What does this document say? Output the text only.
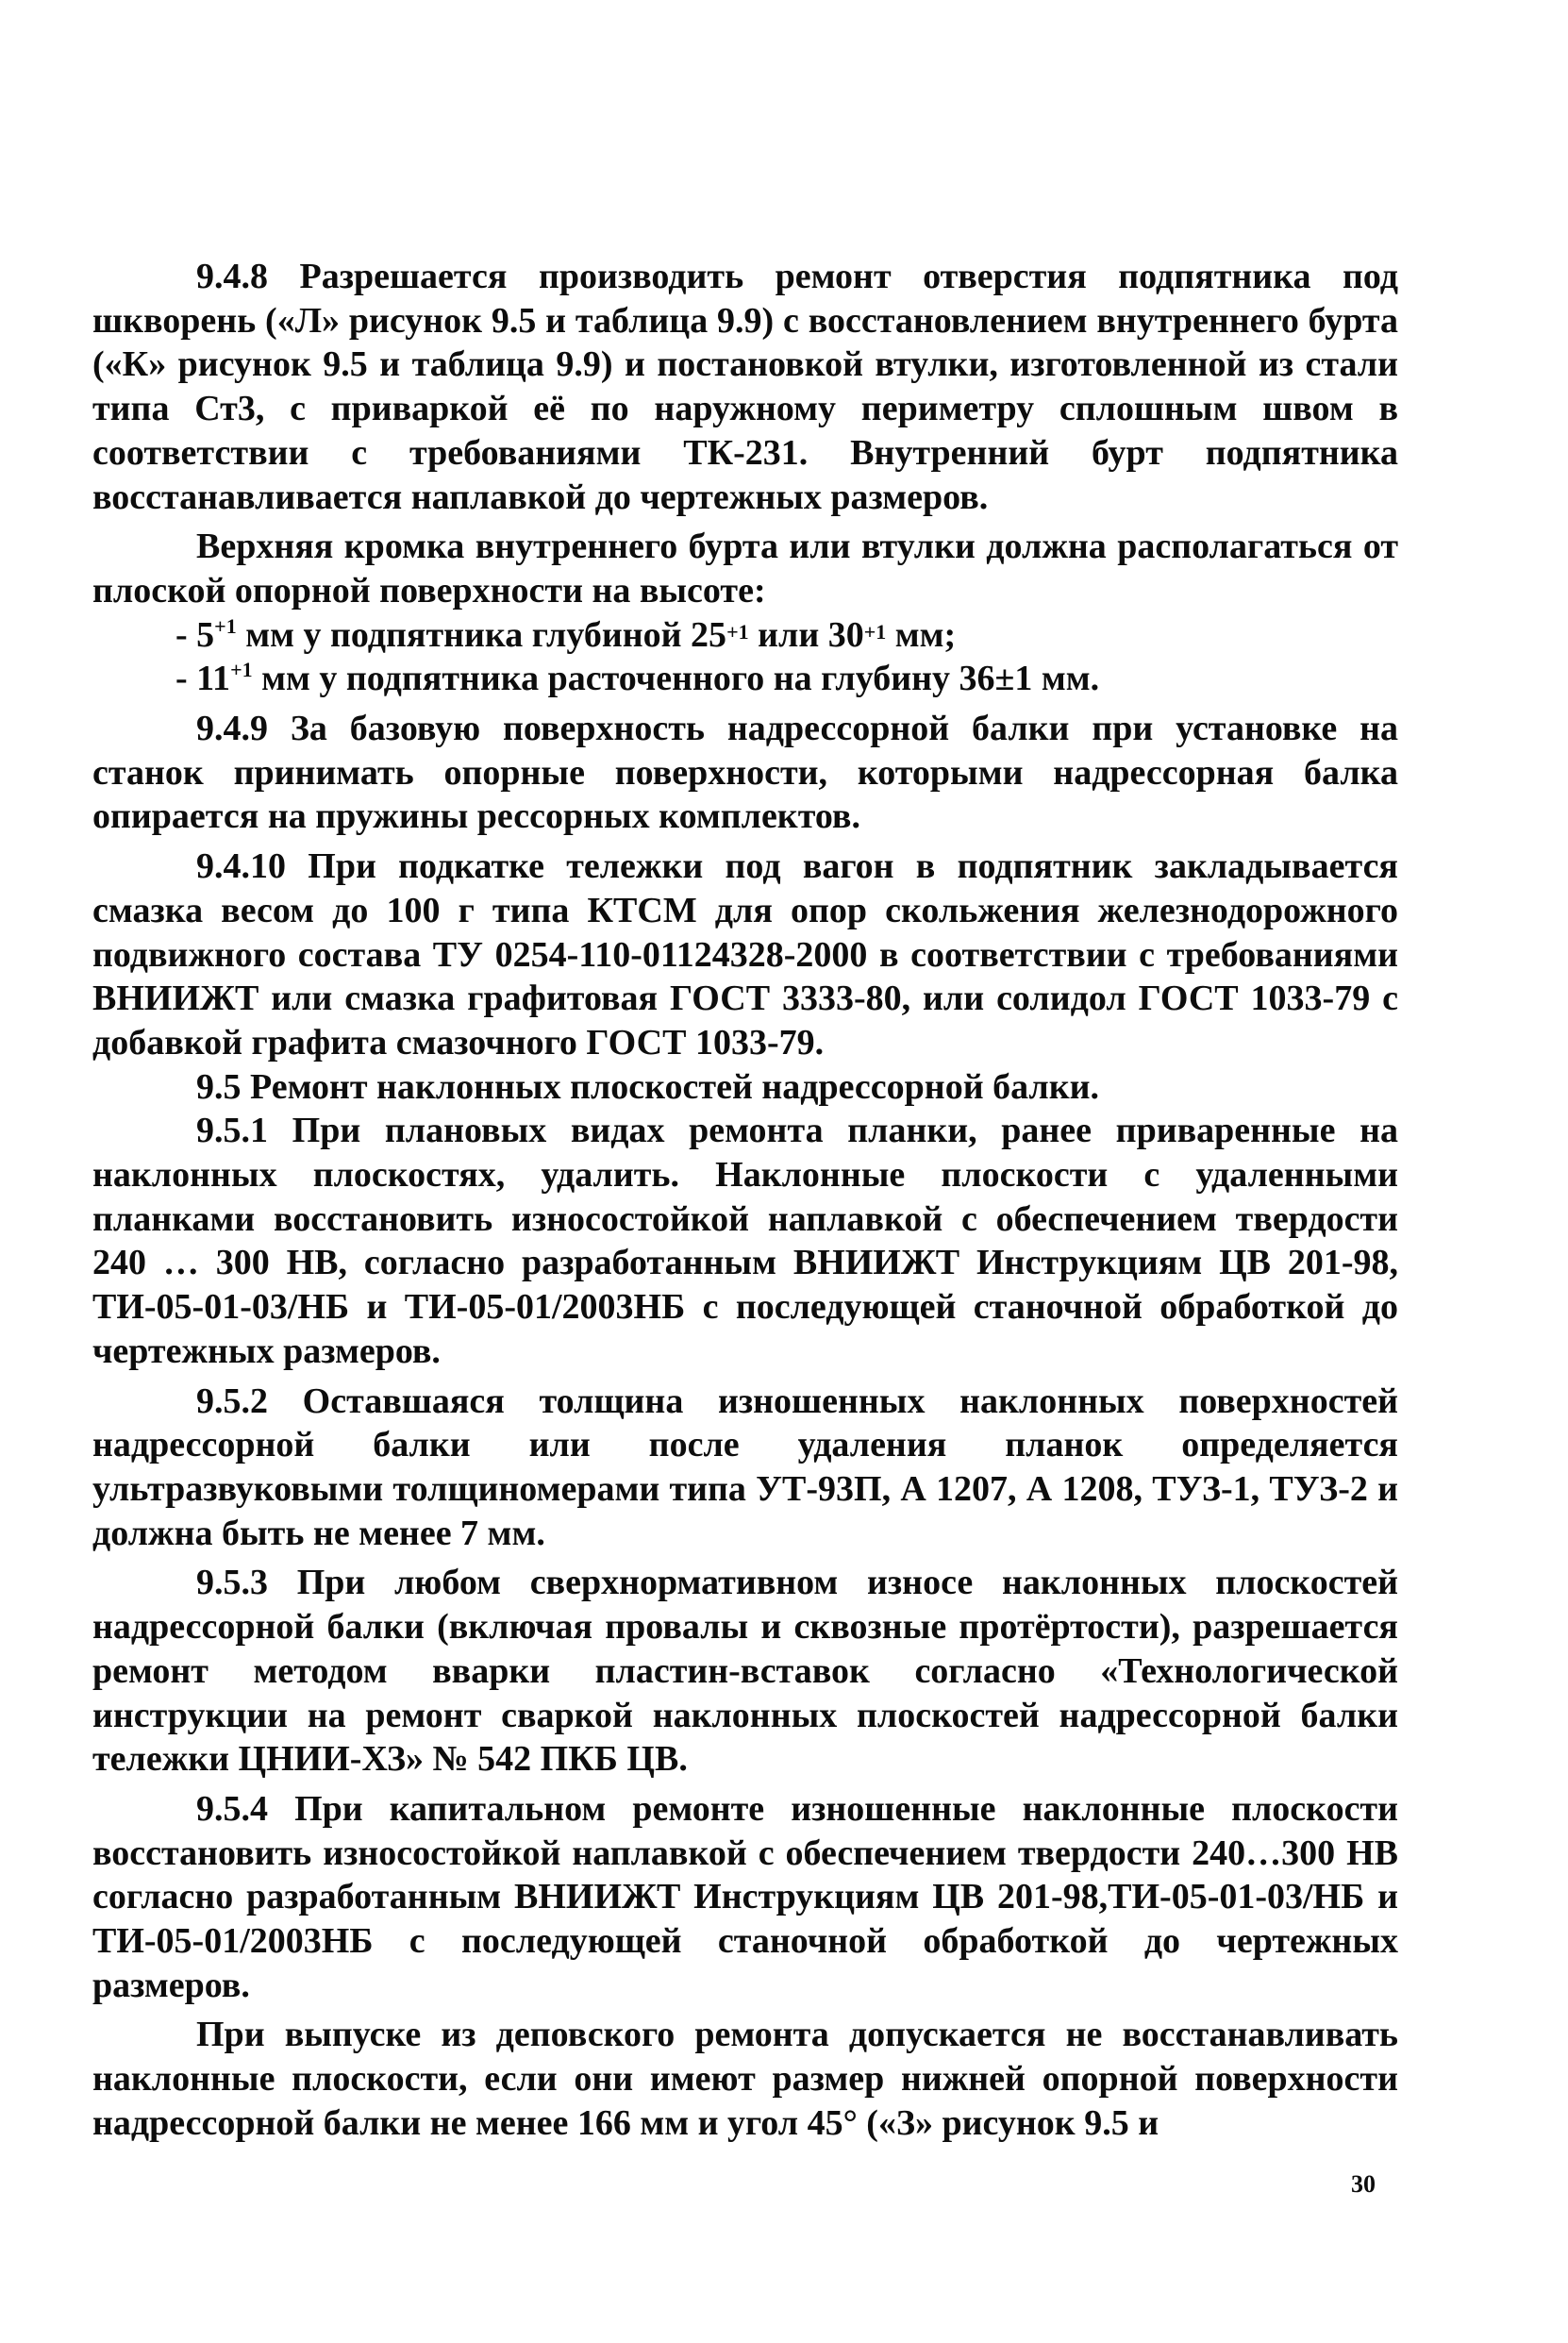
9.4.8 Разрешается производить ремонт отверстия подпятника под шкворень («Л» рисунок 9.5 и таблица 9.9) с восстановлением внутреннего бурта («К» рисунок 9.5 и таблица 9.9) и постановкой втулки, изготовленной из стали типа Ст3, с приваркой её по наружному периметру сплошным швом в соответствии с требованиями ТК-231. Внутренний бурт подпятника восстанавливается наплавкой до чертежных размеров.

Верхняя кромка внутреннего бурта или втулки должна располагаться от плоской опорной поверхности на высоте:

- $5^{+1}$ мм у подпятника глубиной $25^{+1}$ или $30^{+1}$ мм;

- $11^{+1}$ мм у подпятника расточенного на глубину 36±1 мм.

9.4.9 За базовую поверхность надрессорной балки при установке на станок принимать опорные поверхности, которыми надрессорная балка опирается на пружины рессорных комплектов.

9.4.10 При подкатке тележки под вагон в подпятник закладывается смазка весом до 100 г типа КТСМ для опор скольжения железнодорожного подвижного состава ТУ 0254-110-01124328-2000 в соответствии с требованиями ВНИИЖТ или смазка графитовая ГОСТ 3333-80, или солидол ГОСТ 1033-79 с добавкой графита смазочного ГОСТ 1033-79.

9.5 Ремонт наклонных плоскостей надрессорной балки.

9.5.1 При плановых видах ремонта планки, ранее приваренные на наклонных плоскостях, удалить. Наклонные плоскости с удаленными планками восстановить износостойкой наплавкой с обеспечением твердости 240 … 300 НВ, согласно разработанным ВНИИЖТ Инструкциям ЦВ 201-98, ТИ-05-01-03/НБ и ТИ-05-01/2003НБ с последующей станочной обработкой до чертежных размеров.

9.5.2 Оставшаяся толщина изношенных наклонных поверхностей надрессорной балки или после удаления планок определяется ультразвуковыми толщиномерами типа УТ-93П, А 1207, А 1208, ТУЗ-1, ТУЗ-2 и должна быть не менее 7 мм.

9.5.3 При любом сверхнормативном износе наклонных плоскостей надрессорной балки (включая провалы и сквозные протёртости), разрешается ремонт методом вварки пластин-вставок согласно «Технологической инструкции на ремонт сваркой наклонных плоскостей надрессорной балки тележки ЦНИИ-ХЗ» № 542 ПКБ ЦВ.

9.5.4 При капитальном ремонте изношенные наклонные плоскости восстановить износостойкой наплавкой с обеспечением твердости 240…300 НВ согласно разработанным ВНИИЖТ Инструкциям ЦВ 201-98,ТИ-05-01-03/НБ и ТИ-05-01/2003НБ с последующей станочной обработкой до чертежных размеров.

При выпуске из деповского ремонта допускается не восстанавливать наклонные плоскости, если они имеют размер нижней опорной поверхности надрессорной балки не менее 166 мм и угол 45° («З» рисунок 9.5 и

30
